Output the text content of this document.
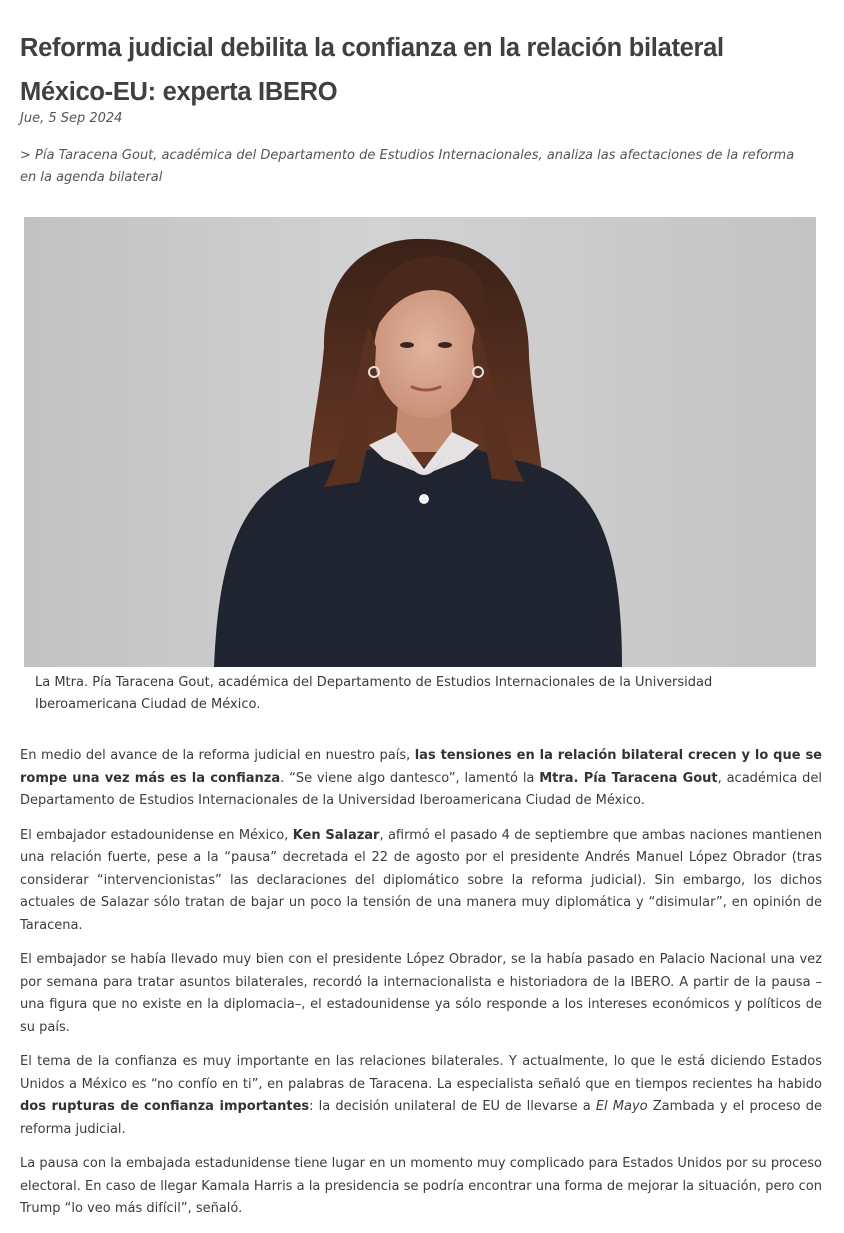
Reforma judicial debilita la confianza en la relación bilateral México-EU: experta IBERO
Jue, 5 Sep 2024
> Pía Taracena Gout, académica del Departamento de Estudios Internacionales, analiza las afectaciones de la reforma en la agenda bilateral
La Mtra. Pía Taracena Gout, académica del Departamento de Estudios Internacionales de la Universidad Iberoamericana Ciudad de México.

En medio del avance de la reforma judicial en nuestro país, las tensiones en la relación bilateral crecen y lo que se rompe una vez más es la confianza. “Se viene algo dantesco”, lamentó la Mtra. Pía Taracena Gout, académica del Departamento de Estudios Internacionales de la Universidad Iberoamericana Ciudad de México.

El embajador estadounidense en México, Ken Salazar, afirmó el pasado 4 de septiembre que ambas naciones mantienen una relación fuerte, pese a la “pausa” decretada el 22 de agosto por el presidente Andrés Manuel López Obrador (tras considerar “intervencionistas” las declaraciones del diplomático sobre la reforma judicial). Sin embargo, los dichos actuales de Salazar sólo tratan de bajar un poco la tensión de una manera muy diplomática y “disimular”, en opinión de Taracena.

El embajador se había llevado muy bien con el presidente López Obrador, se la había pasado en Palacio Nacional una vez por semana para tratar asuntos bilaterales, recordó la internacionalista e historiadora de la IBERO. A partir de la pausa –una figura que no existe en la diplomacia–, el estadounidense ya sólo responde a los intereses económicos y políticos de su país.

El tema de la confianza es muy importante en las relaciones bilaterales. Y actualmente, lo que le está diciendo Estados Unidos a México es “no confío en ti”, en palabras de Taracena. La especialista señaló que en tiempos recientes ha habido dos rupturas de confianza importantes: la decisión unilateral de EU de llevarse a El Mayo Zambada y el proceso de reforma judicial.

La pausa con la embajada estadunidense tiene lugar en un momento muy complicado para Estados Unidos por su proceso electoral. En caso de llegar Kamala Harris a la presidencia se podría encontrar una forma de mejorar la situación, pero con Trump “lo veo más difícil”, señaló.
